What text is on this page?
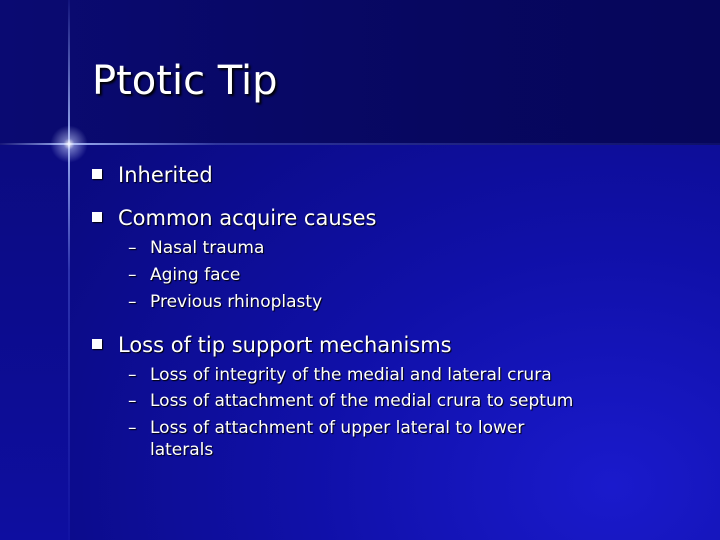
Ptotic Tip
Inherited
Common acquire causes
– Nasal trauma
– Aging face
– Previous rhinoplasty
Loss of tip support mechanisms
– Loss of integrity of the medial and lateral crura
– Loss of attachment of the medial crura to septum
– Loss of attachment of upper lateral to lower
laterals
